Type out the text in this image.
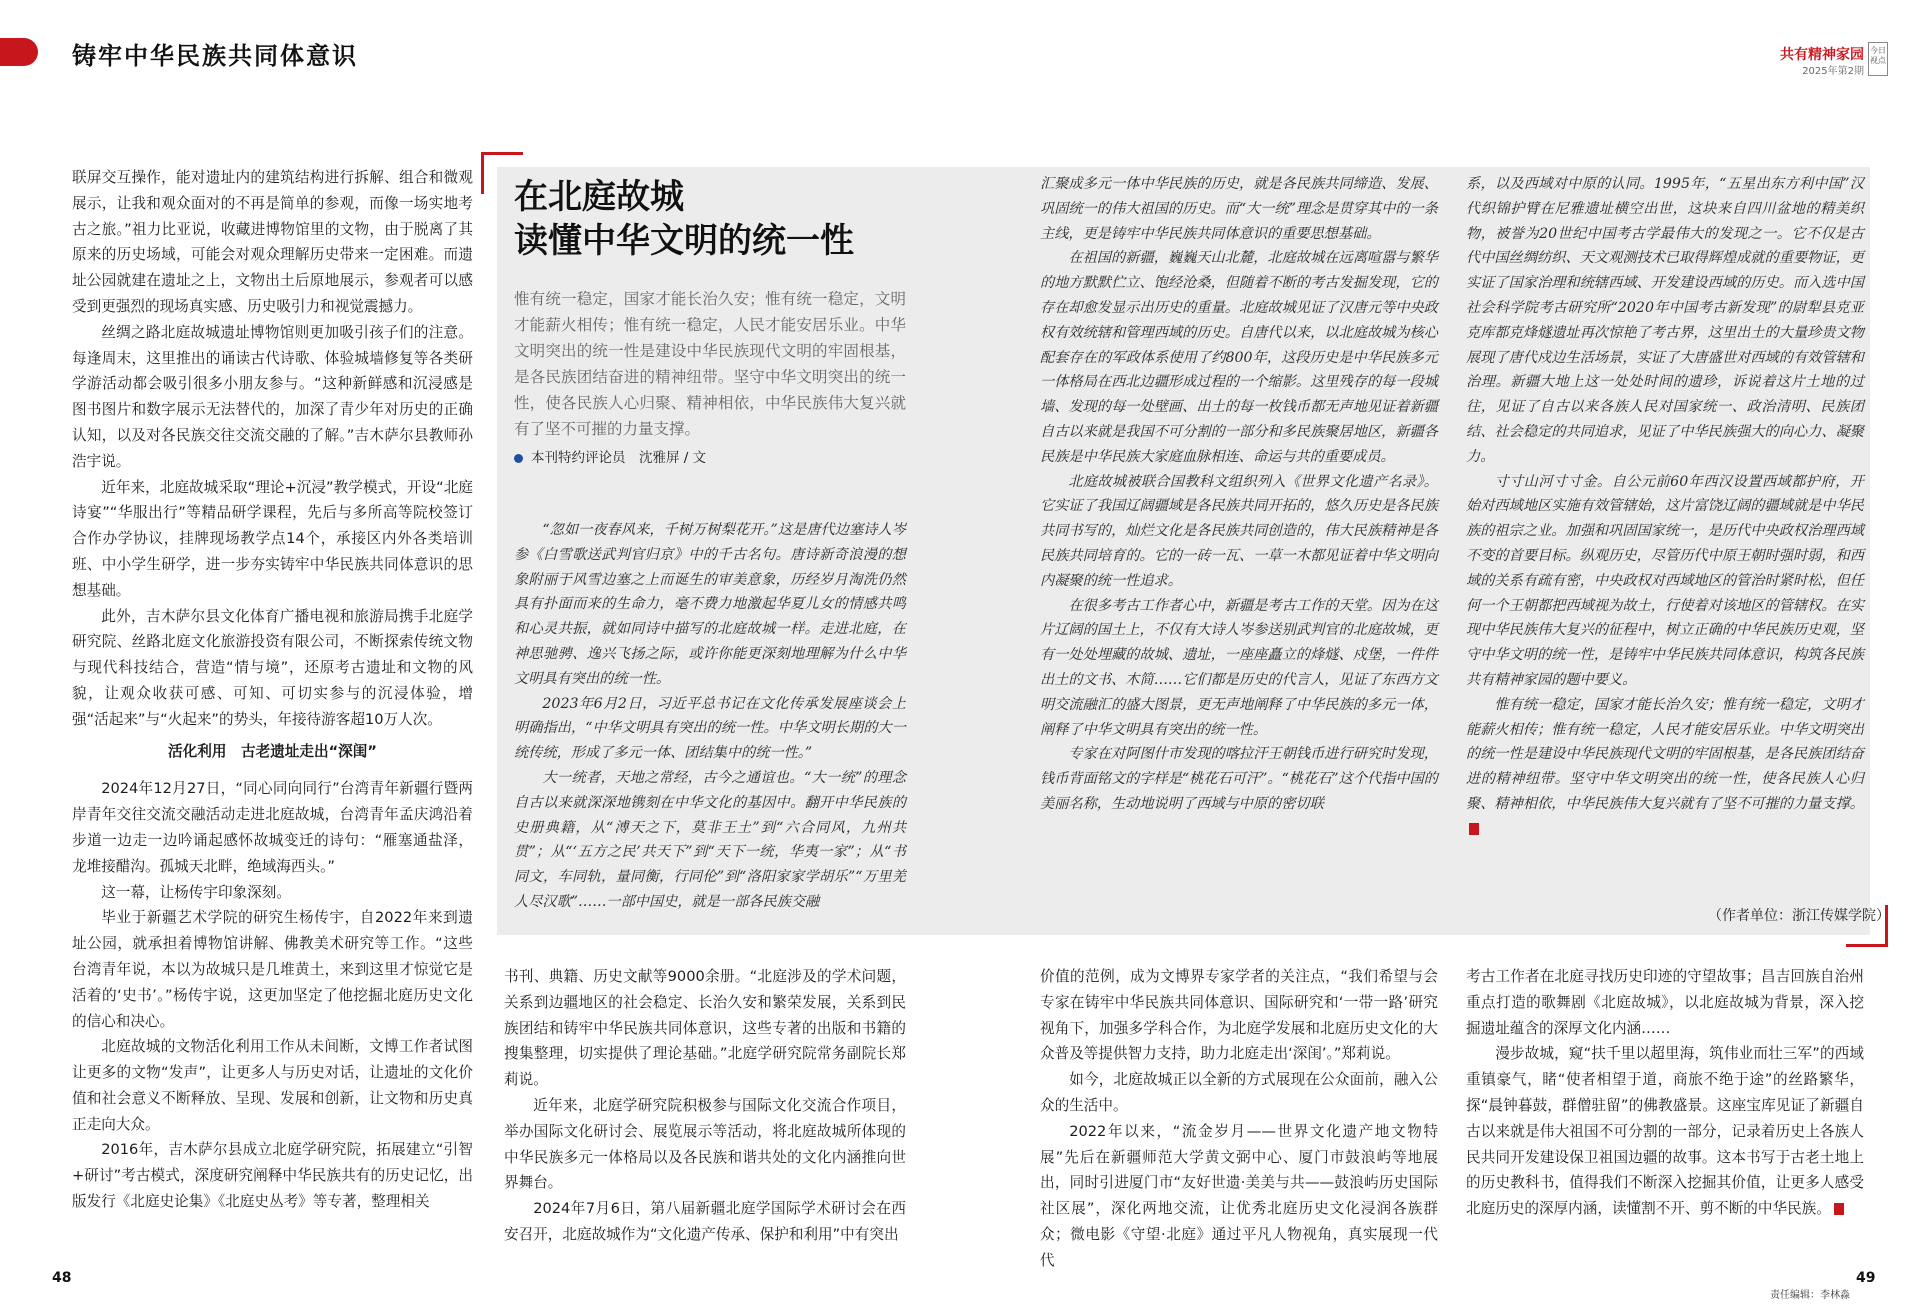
铸牢中华民族共同体意识	共有精神家园
2025年第2期
今日 视点

联屏交互操作，能对遗址内的建筑结构进行拆解、组合和微观展示，让我和观众面对的不再是简单的参观，而像一场实地考古之旅。”祖力比亚说，收藏进博物馆里的文物，由于脱离了其原来的历史场域，可能会对观众理解历史带来一定困难。而遗址公园就建在遗址之上，文物出土后原地展示，参观者可以感受到更强烈的现场真实感、历史吸引力和视觉震撼力。

丝绸之路北庭故城遗址博物馆则更加吸引孩子们的注意。每逢周末，这里推出的诵读古代诗歌、体验城墙修复等各类研学游活动都会吸引很多小朋友参与。“这种新鲜感和沉浸感是图书图片和数字展示无法替代的，加深了青少年对历史的正确认知，以及对各民族交往交流交融的了解。”吉木萨尔县教师孙浩宇说。

近年来，北庭故城采取“理论+沉浸”教学模式，开设“北庭诗宴”“华服出行”等精品研学课程，先后与多所高等院校签订合作办学协议，挂牌现场教学点14个，承接区内外各类培训班、中小学生研学，进一步夯实铸牢中华民族共同体意识的思想基础。

此外，吉木萨尔县文化体育广播电视和旅游局携手北庭学研究院、丝路北庭文化旅游投资有限公司，不断探索传统文物与现代科技结合，营造“情与境”，还原考古遗址和文物的风貌，让观众收获可感、可知、可切实参与的沉浸体验，增强“活起来”与“火起来”的势头，年接待游客超10万人次。

活化利用　古老遗址走出“深闺”

2024年12月27日，“同心同向同行”台湾青年新疆行暨两岸青年交往交流交融活动走进北庭故城，台湾青年孟庆鸿沿着步道一边走一边吟诵起感怀故城变迁的诗句：“雁塞通盐泽，龙堆接醋沟。孤城天北畔，绝域海西头。”

这一幕，让杨传宇印象深刻。

毕业于新疆艺术学院的研究生杨传宇，自2022年来到遗址公园，就承担着博物馆讲解、佛教美术研究等工作。“这些台湾青年说，本以为故城只是几堆黄土，来到这里才惊觉它是活着的‘史书’。”杨传宇说，这更加坚定了他挖掘北庭历史文化的信心和决心。

北庭故城的文物活化利用工作从未间断，文博工作者试图让更多的文物“发声”，让更多人与历史对话，让遗址的文化价值和社会意义不断释放、呈现、发展和创新，让文物和历史真正走向大众。

2016年，吉木萨尔县成立北庭学研究院，拓展建立“引智+研讨”考古模式，深度研究阐释中华民族共有的历史记忆，出版发行《北庭史论集》《北庭史丛考》等专著，整理相关

书刊、典籍、历史文献等9000余册。“北庭涉及的学术问题，关系到边疆地区的社会稳定、长治久安和繁荣发展，关系到民族团结和铸牢中华民族共同体意识，这些专著的出版和书籍的搜集整理，切实提供了理论基础。”北庭学研究院常务副院长郑莉说。

近年来，北庭学研究院积极参与国际文化交流合作项目，举办国际文化研讨会、展览展示等活动，将北庭故城所体现的中华民族多元一体格局以及各民族和谐共处的文化内涵推向世界舞台。

2024年7月6日，第八届新疆北庭学国际学术研讨会在西安召开，北庭故城作为“文化遗产传承、保护和利用”中有突出

48
在北庭故城
读懂中华文明的统一性
惟有统一稳定，国家才能长治久安；惟有统一稳定，文明才能薪火相传；惟有统一稳定，人民才能安居乐业。中华文明突出的统一性是建设中华民族现代文明的牢固根基，是各民族团结奋进的精神纽带。坚守中华文明突出的统一性，使各民族人心归聚、精神相依，中华民族伟大复兴就有了坚不可摧的力量支撑。
本刊特约评论员　沈雅屏 / 文

“忽如一夜春风来，千树万树梨花开。”这是唐代边塞诗人岑参《白雪歌送武判官归京》中的千古名句。唐诗新奇浪漫的想象附丽于风雪边塞之上而诞生的审美意象，历经岁月淘洗仍然具有扑面而来的生命力，毫不费力地激起华夏儿女的情感共鸣和心灵共振，就如同诗中描写的北庭故城一样。走进北庭，在神思驰骋、逸兴飞扬之际，或许你能更深刻地理解为什么中华文明具有突出的统一性。

2023年6月2日，习近平总书记在文化传承发展座谈会上明确指出，“中华文明具有突出的统一性。中华文明长期的大一统传统，形成了多元一体、团结集中的统一性。”

大一统者，天地之常经，古今之通谊也。“大一统”的理念自古以来就深深地镌刻在中华文化的基因中。翻开中华民族的史册典籍，从“溥天之下，莫非王土”到“六合同风，九州共贯”；从“‘五方之民’共天下”到“天下一统，华夷一家”；从“书同文，车同轨，量同衡，行同伦”到“洛阳家家学胡乐”“万里羌人尽汉歌”……一部中国史，就是一部各民族交融

汇聚成多元一体中华民族的历史，就是各民族共同缔造、发展、巩固统一的伟大祖国的历史。而“大一统”理念是贯穿其中的一条主线，更是铸牢中华民族共同体意识的重要思想基础。

在祖国的新疆，巍巍天山北麓，北庭故城在远离喧嚣与繁华的地方默默伫立、饱经沧桑，但随着不断的考古发掘发现，它的存在却愈发显示出历史的重量。北庭故城见证了汉唐元等中央政权有效统辖和管理西域的历史。自唐代以来，以北庭故城为核心配套存在的军政体系使用了约800年，这段历史是中华民族多元一体格局在西北边疆形成过程的一个缩影。这里残存的每一段城墙、发现的每一处壁画、出土的每一枚钱币都无声地见证着新疆自古以来就是我国不可分割的一部分和多民族聚居地区，新疆各民族是中华民族大家庭血脉相连、命运与共的重要成员。

北庭故城被联合国教科文组织列入《世界文化遗产名录》。它实证了我国辽阔疆域是各民族共同开拓的，悠久历史是各民族共同书写的，灿烂文化是各民族共同创造的，伟大民族精神是各民族共同培育的。它的一砖一瓦、一草一木都见证着中华文明向内凝聚的统一性追求。

在很多考古工作者心中，新疆是考古工作的天堂。因为在这片辽阔的国土上，不仅有大诗人岑参送别武判官的北庭故城，更有一处处埋藏的故城、遗址，一座座矗立的烽燧、戍堡，一件件出土的文书、木简……它们都是历史的代言人，见证了东西方文明交流融汇的盛大图景，更无声地阐释了中华民族的多元一体，阐释了中华文明具有突出的统一性。

专家在对阿图什市发现的喀拉汗王朝钱币进行研究时发现，钱币背面铭文的字样是“桃花石可汗”。“桃花石”这个代指中国的美丽名称，生动地说明了西域与中原的密切联

系，以及西域对中原的认同。1995年，“五星出东方利中国”汉代织锦护臂在尼雅遗址横空出世，这块来自四川盆地的精美织物，被誉为20世纪中国考古学最伟大的发现之一。它不仅是古代中国丝绸纺织、天文观测技术已取得辉煌成就的重要物证，更实证了国家治理和统辖西域、开发建设西域的历史。而入选中国社会科学院考古研究所“2020年中国考古新发现”的尉犁县克亚克库都克烽燧遗址再次惊艳了考古界，这里出土的大量珍贵文物展现了唐代戍边生活场景，实证了大唐盛世对西域的有效管辖和治理。新疆大地上这一处处时间的遗珍，诉说着这片土地的过往，见证了自古以来各族人民对国家统一、政治清明、民族团结、社会稳定的共同追求，见证了中华民族强大的向心力、凝聚力。

寸寸山河寸寸金。自公元前60年西汉设置西域都护府，开始对西域地区实施有效管辖始，这片富饶辽阔的疆域就是中华民族的祖宗之业。加强和巩固国家统一，是历代中央政权治理西域不变的首要目标。纵观历史，尽管历代中原王朝时强时弱，和西域的关系有疏有密，中央政权对西域地区的管治时紧时松，但任何一个王朝都把西域视为故土，行使着对该地区的管辖权。在实现中华民族伟大复兴的征程中，树立正确的中华民族历史观，坚守中华文明的统一性，是铸牢中华民族共同体意识，构筑各民族共有精神家园的题中要义。

惟有统一稳定，国家才能长治久安；惟有统一稳定，文明才能薪火相传；惟有统一稳定，人民才能安居乐业。中华文明突出的统一性是建设中华民族现代文明的牢固根基，是各民族团结奋进的精神纽带。坚守中华文明突出的统一性，使各民族人心归聚、精神相依，中华民族伟大复兴就有了坚不可摧的力量支撑。

（作者单位：浙江传媒学院）

价值的范例，成为文博界专家学者的关注点，“我们希望与会专家在铸牢中华民族共同体意识、国际研究和‘一带一路’研究视角下，加强多学科合作，为北庭学发展和北庭历史文化的大众普及等提供智力支持，助力北庭走出‘深闺’。”郑莉说。

如今，北庭故城正以全新的方式展现在公众面前，融入公众的生活中。

2022年以来，“流金岁月——世界文化遗产地文物特展”先后在新疆师范大学黄文弼中心、厦门市鼓浪屿等地展出，同时引进厦门市“友好世遗·美美与共——鼓浪屿历史国际社区展”，深化两地交流，让优秀北庭历史文化浸润各族群众；微电影《守望·北庭》通过平凡人物视角，真实展现一代代

考古工作者在北庭寻找历史印迹的守望故事；昌吉回族自治州重点打造的歌舞剧《北庭故城》，以北庭故城为背景，深入挖掘遗址蕴含的深厚文化内涵……

漫步故城，窥“扶千里以超里海，筑伟业而壮三军”的西域重镇豪气，睹“使者相望于道，商旅不绝于途”的丝路繁华，探“晨钟暮鼓，群僧驻留”的佛教盛景。这座宝库见证了新疆自古以来就是伟大祖国不可分割的一部分，记录着历史上各族人民共同开发建设保卫祖国边疆的故事。这本书写于古老土地上的历史教科书，值得我们不断深入挖掘其价值，让更多人感受北庭历史的深厚内涵，读懂割不开、剪不断的中华民族。

责任编辑：李林淼
49
